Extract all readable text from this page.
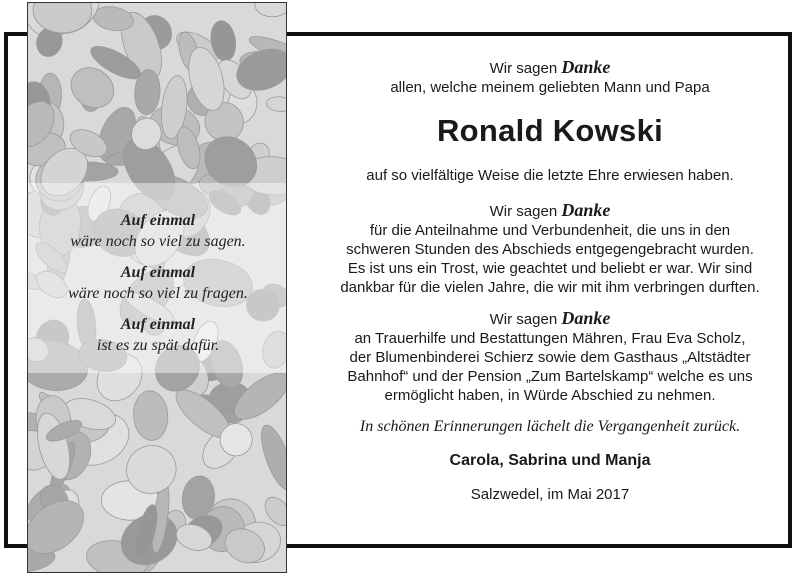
Auf einmal
wäre noch so viel zu sagen.
Auf einmal
wäre noch so viel zu fragen.
Auf einmal
ist es zu spät dafür.
Wir sagen Danke
allen, welche meinem geliebten Mann und Papa
Ronald Kowski
auf so vielfältige Weise die letzte Ehre erwiesen haben.
Wir sagen Danke
für die Anteilnahme und Verbundenheit, die uns in den
schweren Stunden des Abschieds entgegengebracht wurden.
Es ist uns ein Trost, wie geachtet und beliebt er war. Wir sind
dankbar für die vielen Jahre, die wir mit ihm verbringen durften.
Wir sagen Danke
an Trauerhilfe und Bestattungen Mähren, Frau Eva Scholz,
der Blumenbinderei Schierz sowie dem Gasthaus „Altstädter
Bahnhof“ und der Pension „Zum Bartelskamp“ welche es uns
ermöglicht haben, in Würde Abschied zu nehmen.
In schönen Erinnerungen lächelt die Vergangenheit zurück.
Carola, Sabrina und Manja
Salzwedel, im Mai 2017
